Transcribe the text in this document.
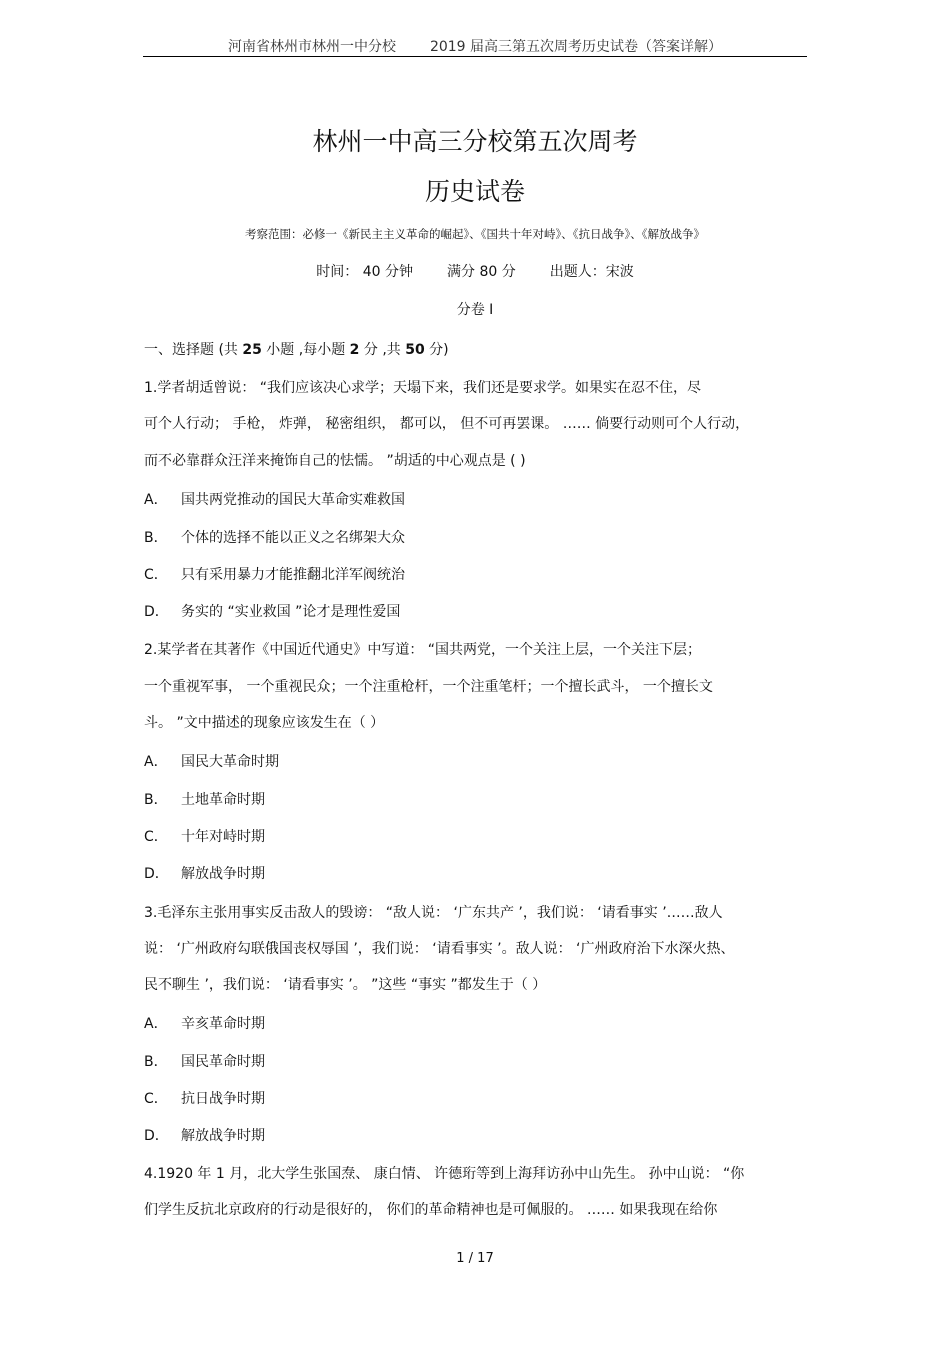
河南省林州市林州一中分校 2019 届高三第五次周考历史试卷（答案详解）
林州一中高三分校第五次周考
历史试卷
考察范围：必修一《新民主主义革命的崛起》、《国共十年对峙》、《抗日战争》、《解放战争》
时间： 40 分钟 满分 80 分 出题人：宋波
分卷 I
一、选择题 (共 25 小题 ,每小题 2 分 ,共 50 分)
1.学者胡适曾说： “我们应该决心求学；天塌下来，我们还是要求学。如果实在忍不住，尽
可个人行动； 手枪， 炸弹， 秘密组织， 都可以， 但不可再罢课。 …… 倘要行动则可个人行动，
而不必靠群众汪洋来掩饰自己的怯懦。 ”胡适的中心观点是 ( )
A． 国共两党推动的国民大革命实难救国
B． 个体的选择不能以正义之名绑架大众
C． 只有采用暴力才能推翻北洋军阀统治
D． 务实的 “实业救国 ”论才是理性爱国
2.某学者在其著作《中国近代通史》中写道： “国共两党，一个关注上层，一个关注下层；
一个重视军事， 一个重视民众；一个注重枪杆，一个注重笔杆；一个擅长武斗， 一个擅长文
斗。 ”文中描述的现象应该发生在（ ）
A． 国民大革命时期
B． 土地革命时期
C． 十年对峙时期
D． 解放战争时期
3.毛泽东主张用事实反击敌人的毁谤： “敌人说： ‘广东共产 ’，我们说： ‘请看事实 ’……敌人
说： ‘广州政府勾联俄国丧权辱国 ’，我们说： ‘请看事实 ’。敌人说： ‘广州政府治下水深火热、
民不聊生 ’，我们说： ‘请看事实 ’。 ”这些 “事实 ”都发生于（ ）
A． 辛亥革命时期
B． 国民革命时期
C． 抗日战争时期
D． 解放战争时期
4.1920 年 1 月，北大学生张国焘、 康白情、 许德珩等到上海拜访孙中山先生。 孙中山说： “你
们学生反抗北京政府的行动是很好的， 你们的革命精神也是可佩服的。 …… 如果我现在给你
1 / 17
